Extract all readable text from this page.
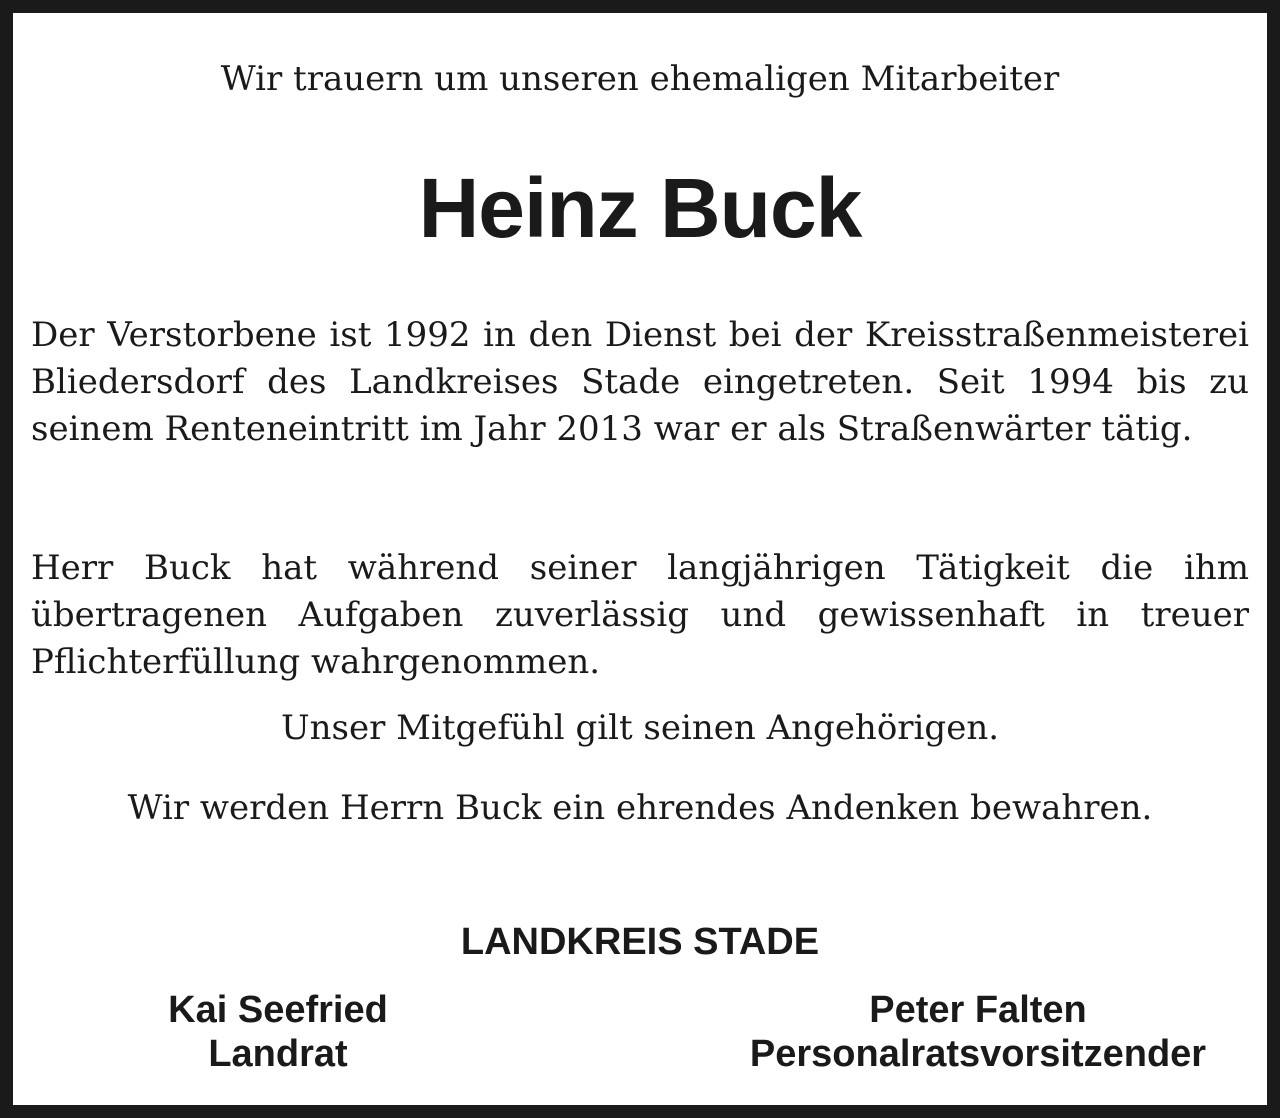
Wir trauern um unseren ehemaligen Mitarbeiter
Heinz Buck
Der Verstorbene ist 1992 in den Dienst bei der Kreisstraßenmeisterei Bliedersdorf des Landkreises Stade eingetreten. Seit 1994 bis zu seinem Renteneintritt im Jahr 2013 war er als Straßenwärter tätig.
Herr Buck hat während seiner langjährigen Tätigkeit die ihm übertragenen Aufgaben zuverlässig und gewissenhaft in treuer Pflichterfüllung wahrgenommen.
Unser Mitgefühl gilt seinen Angehörigen.
Wir werden Herrn Buck ein ehrendes Andenken bewahren.
LANDKREIS STADE
Kai Seefried
Landrat
Peter Falten
Personalratsvorsitzender
